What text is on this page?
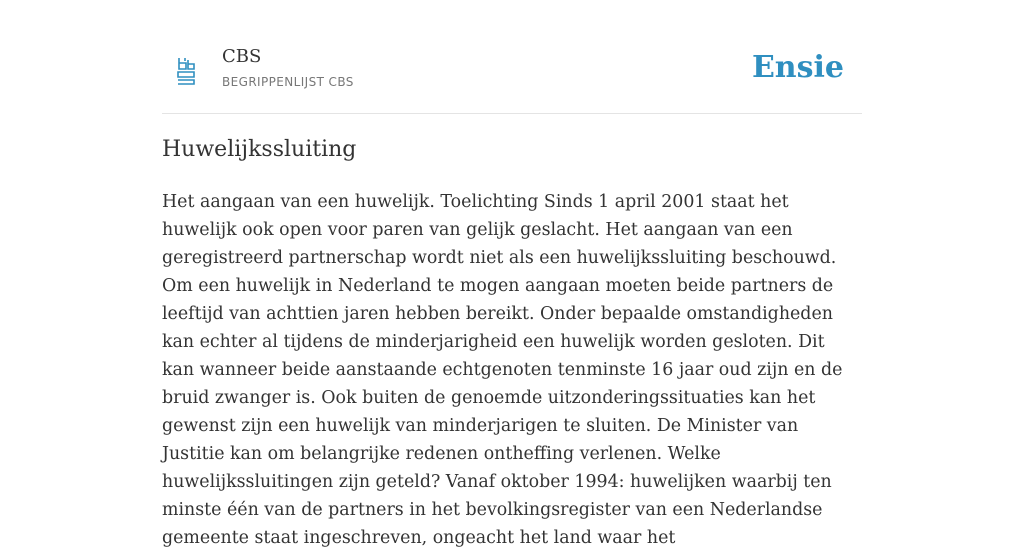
CBS
BEGRIPPENLIJST CBS	Ensie
Huwelijkssluiting

Het aangaan van een huwelijk. Toelichting Sinds 1 april 2001 staat het huwelijk ook open voor paren van gelijk geslacht. Het aangaan van een geregistreerd partnerschap wordt niet als een huwelijkssluiting beschouwd. Om een huwelijk in Nederland te mogen aangaan moeten beide partners de leeftijd van achttien jaren hebben bereikt. Onder bepaalde omstandigheden kan echter al tijdens de minderjarigheid een huwelijk worden gesloten. Dit kan wanneer beide aanstaande echtgenoten tenminste 16 jaar oud zijn en de bruid zwanger is. Ook buiten de genoemde uitzonderingssituaties kan het gewenst zijn een huwelijk van minderjarigen te sluiten. De Minister van Justitie kan om belangrijke redenen ontheffing verlenen. Welke huwelijkssluitingen zijn geteld? Vanaf oktober 1994: huwelijken waarbij ten minste één van de partners in het bevolkingsregister van een Nederlandse gemeente staat ingeschreven, ongeacht het land waar het
